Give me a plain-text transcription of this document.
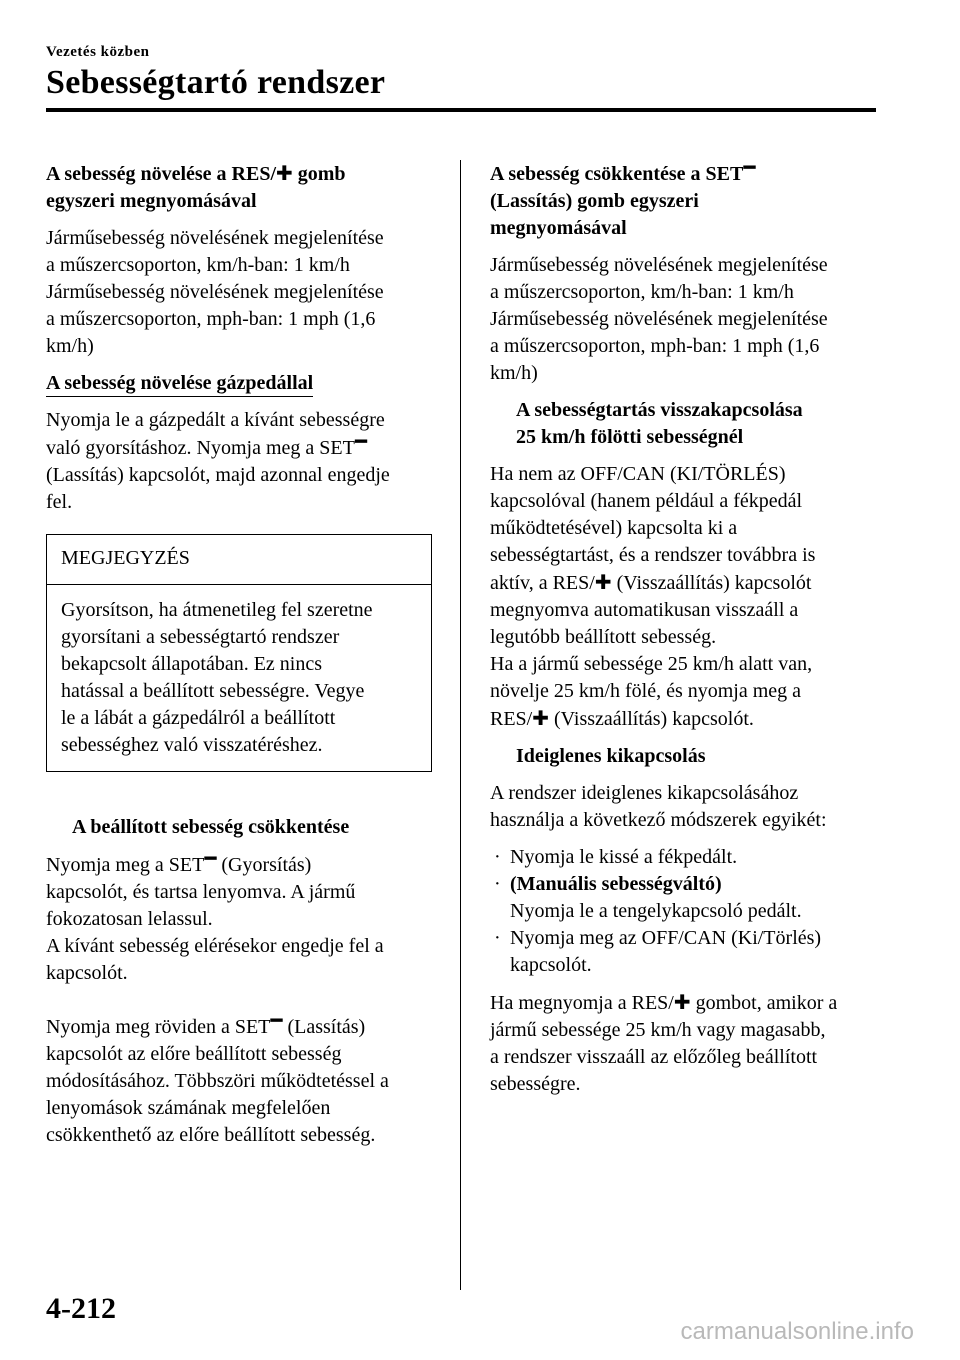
Vezetés közben
Sebességtartó rendszer
A sebesség növelése a RES/✚ gomb
egyszeri megnyomásával
Járműsebesség növelésének megjelenítése
a műszercsoporton, km/h-ban: 1 km/h
Járműsebesség növelésének megjelenítése
a műszercsoporton, mph-ban: 1 mph (1,6
km/h)
A sebesség növelése gázpedállal
Nyomja le a gázpedált a kívánt sebességre
való gyorsításhoz. Nyomja meg a SET━
(Lassítás) kapcsolót, majd azonnal engedje
fel.
MEGJEGYZÉS
Gyorsítson, ha átmenetileg fel szeretne
gyorsítani a sebességtartó rendszer
bekapcsolt állapotában. Ez nincs
hatással a beállított sebességre. Vegye
le a lábát a gázpedálról a beállított
sebességhez való visszatéréshez.
A beállított sebesség csökkentése
Nyomja meg a SET━ (Gyorsítás)
kapcsolót, és tartsa lenyomva. A jármű
fokozatosan lelassul.
A kívánt sebesség elérésekor engedje fel a
kapcsolót.
Nyomja meg röviden a SET━ (Lassítás)
kapcsolót az előre beállított sebesség
módosításához. Többszöri működtetéssel a
lenyomások számának megfelelően
csökkenthető az előre beállított sebesség.
A sebesség csökkentése a SET━
(Lassítás) gomb egyszeri
megnyomásával
Járműsebesség növelésének megjelenítése
a műszercsoporton, km/h-ban: 1 km/h
Járműsebesség növelésének megjelenítése
a műszercsoporton, mph-ban: 1 mph (1,6
km/h)
A sebességtartás visszakapcsolása
25 km/h fölötti sebességnél
Ha nem az OFF/CAN (KI/TÖRLÉS)
kapcsolóval (hanem például a fékpedál
működtetésével) kapcsolta ki a
sebességtartást, és a rendszer továbbra is
aktív, a RES/✚ (Visszaállítás) kapcsolót
megnyomva automatikusan visszaáll a
legutóbb beállított sebesség.
Ha a jármű sebessége 25 km/h alatt van,
növelje 25 km/h fölé, és nyomja meg a
RES/✚ (Visszaállítás) kapcsolót.
Ideiglenes kikapcsolás
A rendszer ideiglenes kikapcsolásához
használja a következő módszerek egyikét:
· Nyomja le kissé a fékpedált.
· (Manuális sebességváltó)
Nyomja le a tengelykapcsoló pedált.
· Nyomja meg az OFF/CAN (Ki/Törlés)
kapcsolót.
Ha megnyomja a RES/✚ gombot, amikor a
jármű sebessége 25 km/h vagy magasabb,
a rendszer visszaáll az előzőleg beállított
sebességre.
4-212
carmanualsonline.info
